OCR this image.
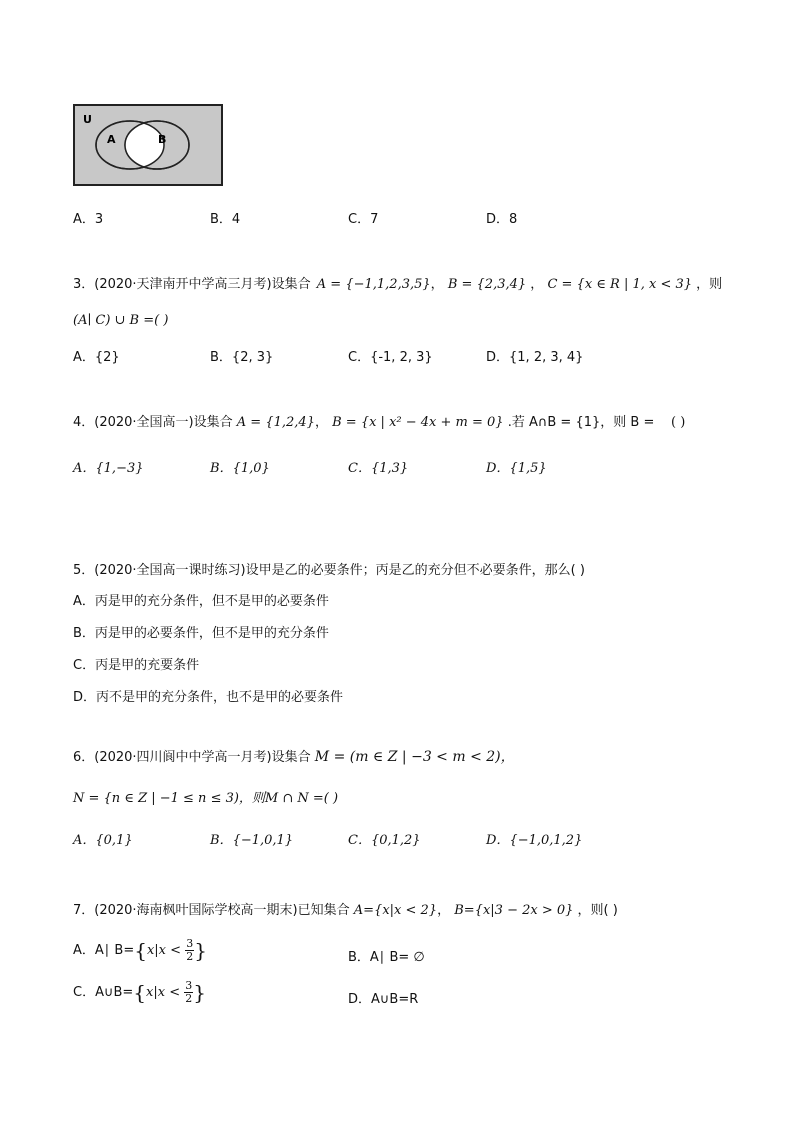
U
A	B
A．3	B．4	C．7	D．8
3．(2020·天津南开中学高三月考)设集合 A = {−1,1,2,3,5}， B = {2,3,4} ， C = {x ∈ R | 1, x < 3} ，则
(A∣ C) ∪ B =( )
A．{2}	B．{2, 3}	C．{-1, 2, 3}	D．{1, 2, 3, 4}
4．(2020·全国高一)设集合 A = {1,2,4}， B = {x | x² − 4x + m = 0} .若 A∩B = {1}，则 B = ( )
A．{1,−3}	B．{1,0}	C．{1,3}	D．{1,5}
5．(2020·全国高一课时练习)设甲是乙的必要条件；丙是乙的充分但不必要条件，那么( )
A．丙是甲的充分条件，但不是甲的必要条件
B．丙是甲的必要条件，但不是甲的充分条件
C．丙是甲的充要条件
D．丙不是甲的充分条件，也不是甲的必要条件
6．(2020·四川阆中中学高一月考)设集合 M = (m ∈ Z | −3 < m < 2)，
N = {n ∈ Z | −1 ≤ n ≤ 3)，则M ∩ N =( )
A．{0,1}	B．{−1,0,1}	C．{0,1,2}	D．{−1,0,1,2}
7．(2020·海南枫叶国际学校高一期末)已知集合 A={x|x < 2}， B={x|3 − 2x > 0} ，则( )
A．A∣ $B=\{x|x < \frac{3}{2}$ }	B．A∣ B= ∅
C．A∪B={x|x < $\frac{3}{2}$ }	D．A∪B=R
